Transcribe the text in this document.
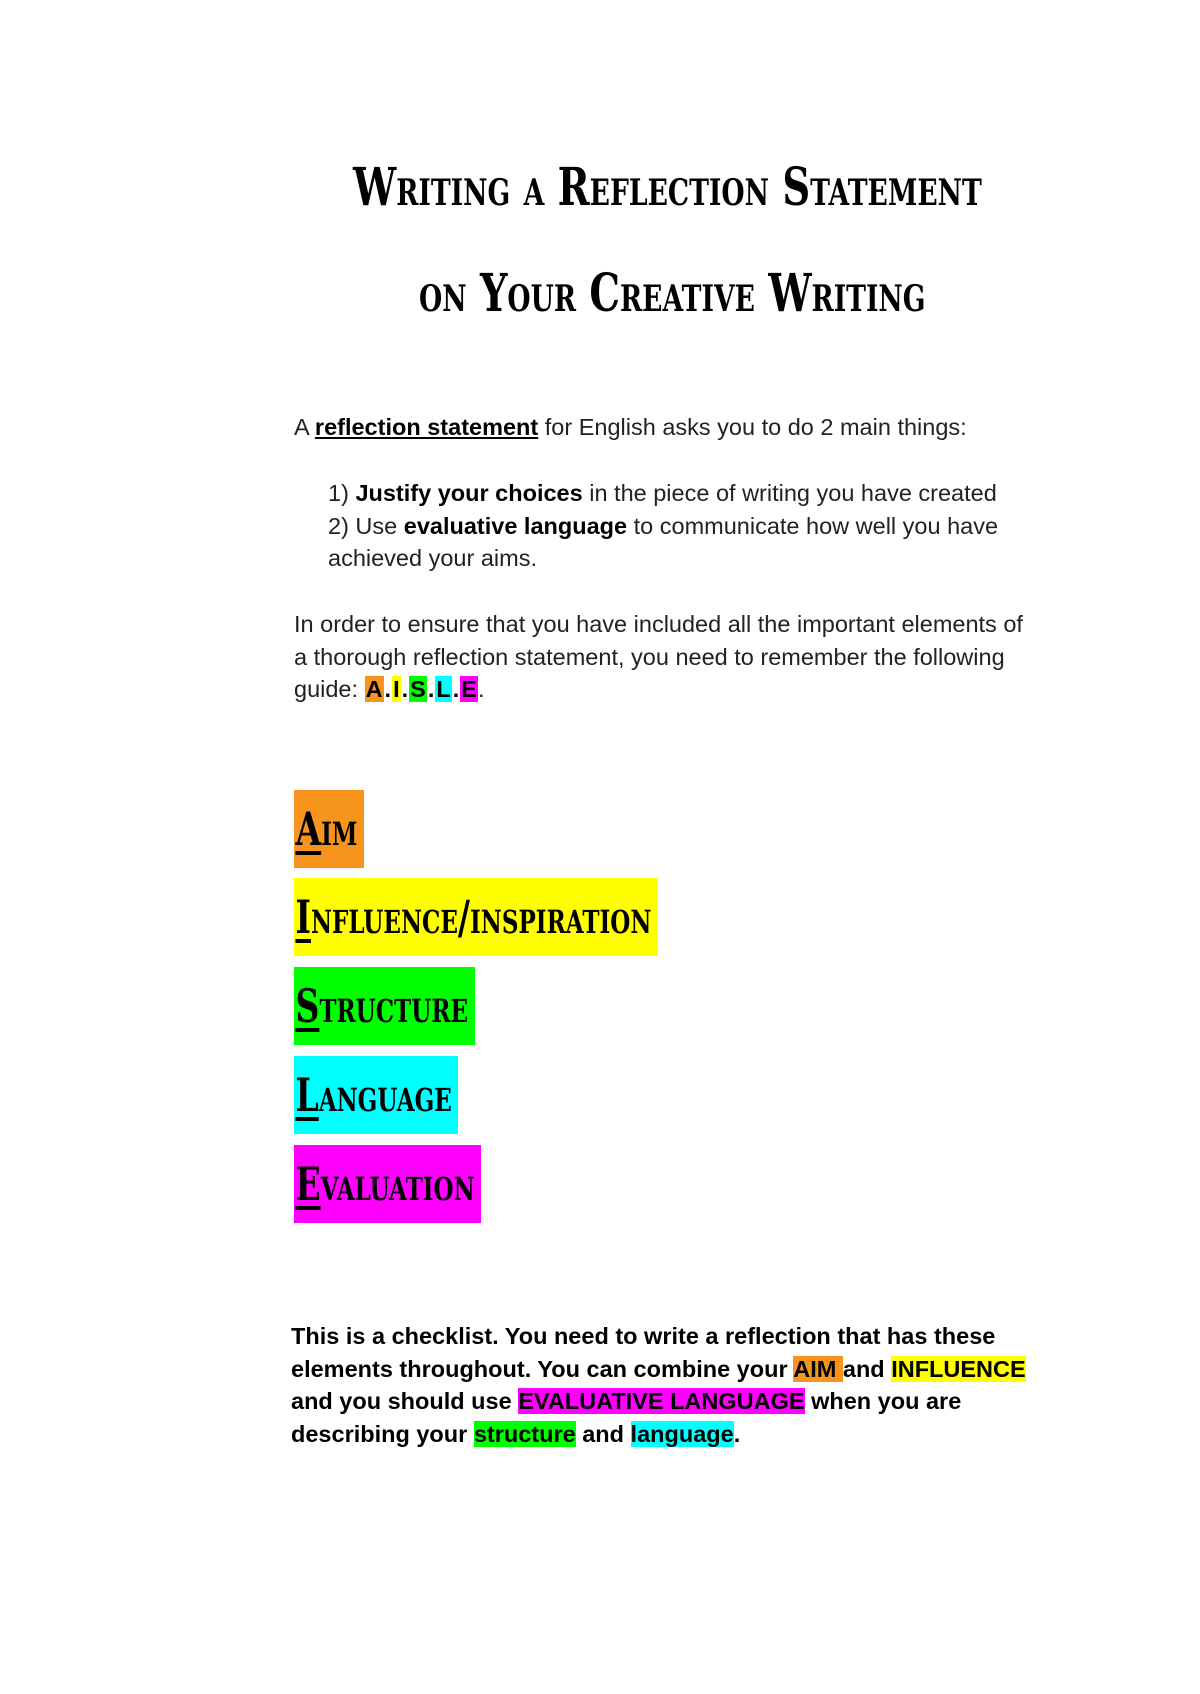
Writing a Reflection Statement
on Your Creative Writing

A reflection statement for English asks you to do 2 main things:

1) Justify your choices in the piece of writing you have created
2) Use evaluative language to communicate how well you have achieved your aims.

In order to ensure that you have included all the important elements of a thorough reflection statement, you need to remember the following guide: A.I.S.L.E.

Aim
Influence/inspiration
Structure
Language
Evaluation

This is a checklist. You need to write a reflection that has these elements throughout. You can combine your AIM and INFLUENCE and you should use EVALUATIVE LANGUAGE when you are describing your structure and language.
